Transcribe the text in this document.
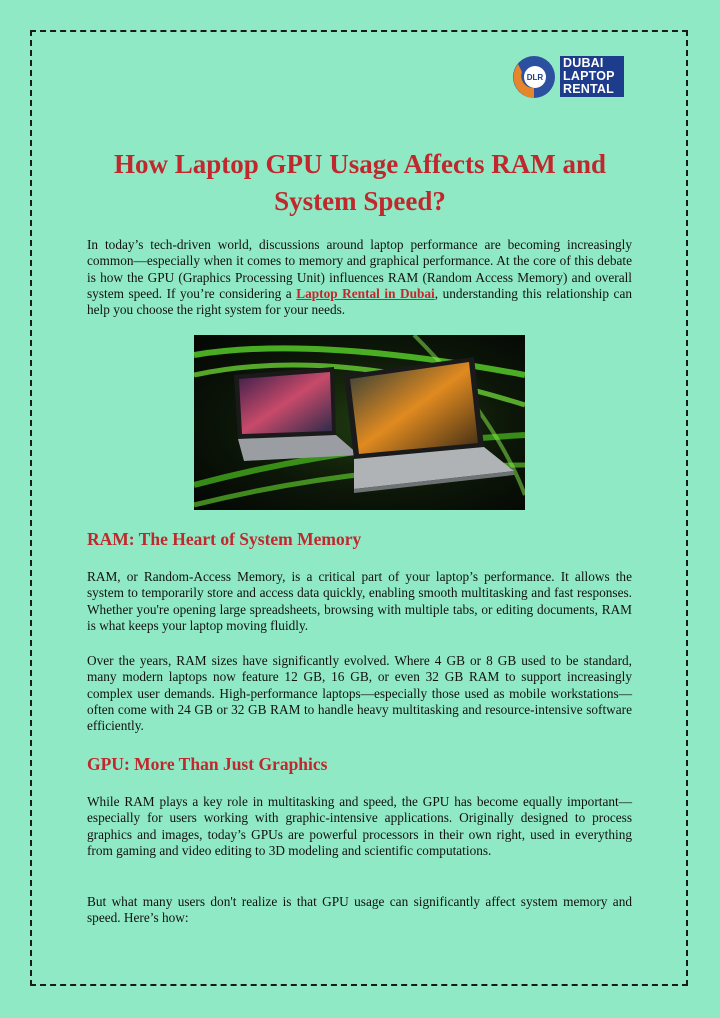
DLR
DUBAI
LAPTOP
RENTAL
How Laptop GPU Usage Affects RAM and
System Speed?

In today’s tech-driven world, discussions around laptop performance are becoming increasingly common—especially when it comes to memory and graphical performance. At the core of this debate is how the GPU (Graphics Processing Unit) influences RAM (Random Access Memory) and overall system speed. If you’re considering a Laptop Rental in Dubai, understanding this relationship can help you choose the right system for your needs.

RAM: The Heart of System Memory

RAM, or Random-Access Memory, is a critical part of your laptop’s performance. It allows the system to temporarily store and access data quickly, enabling smooth multitasking and fast responses. Whether you're opening large spreadsheets, browsing with multiple tabs, or editing documents, RAM is what keeps your laptop moving fluidly.

Over the years, RAM sizes have significantly evolved. Where 4 GB or 8 GB used to be standard, many modern laptops now feature 12 GB, 16 GB, or even 32 GB RAM to support increasingly complex user demands. High-performance laptops—especially those used as mobile workstations—often come with 24 GB or 32 GB RAM to handle heavy multitasking and resource-intensive software efficiently.

GPU: More Than Just Graphics

While RAM plays a key role in multitasking and speed, the GPU has become equally important—especially for users working with graphic-intensive applications. Originally designed to process graphics and images, today’s GPUs are powerful processors in their own right, used in everything from gaming and video editing to 3D modeling and scientific computations.

But what many users don't realize is that GPU usage can significantly affect system memory and speed. Here’s how:
